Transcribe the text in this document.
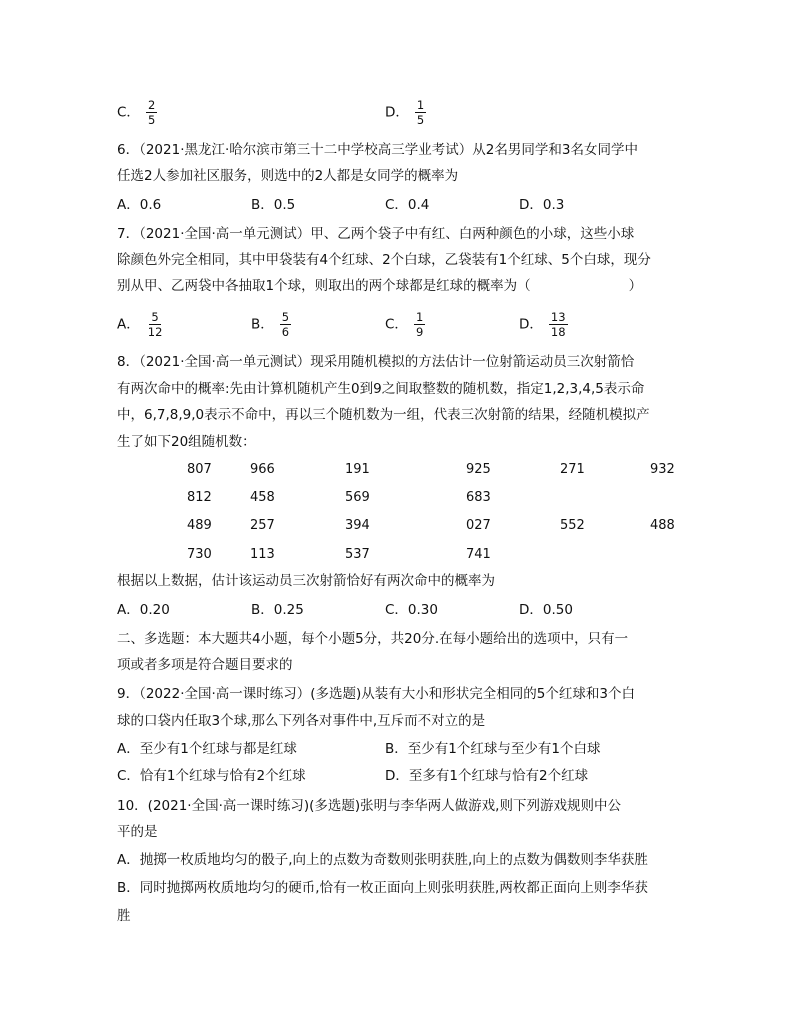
C． $\frac{2}{5}$	D． $\frac{1}{5}$
6．（2021·黑龙江·哈尔滨市第三十二中学校高三学业考试）从2名男同学和3名女同学中
任选2人参加社区服务，则选中的2人都是女同学的概率为
A．0.6	B．0.5	C．0.4	D．0.3
7．（2021·全国·高一单元测试）甲、乙两个袋子中有红、白两种颜色的小球，这些小球
除颜色外完全相同，其中甲袋装有4个红球、2个白球，乙袋装有1个红球、5个白球，现分
别从甲、乙两袋中各抽取1个球，则取出的两个球都是红球的概率为（	）
A． $\frac{5}{12}$	B． $\frac{5}{6}$	C． $\frac{1}{9}$	D． $\frac{13}{18}$
8．（2021·全国·高一单元测试）现采用随机模拟的方法估计一位射箭运动员三次射箭恰
有两次命中的概率:先由计算机随机产生0到9之间取整数的随机数，指定1,2,3,4,5表示命
中，6,7,8,9,0表示不命中，再以三个随机数为一组，代表三次射箭的结果，经随机模拟产
生了如下20组随机数：
807	966	191	925	271	932
812	458	569	683
489	257	394	027	552	488
730	113	537	741
根据以上数据，估计该运动员三次射箭恰好有两次命中的概率为
A．0.20	B．0.25	C．0.30	D．0.50
二、多选题：本大题共4小题，每个小题5分，共20分.在每小题给出的选项中，只有一
项或者多项是符合题目要求的
9．（2022·全国·高一课时练习）(多选题)从装有大小和形状完全相同的5个红球和3个白
球的口袋内任取3个球,那么下列各对事件中,互斥而不对立的是
A．至少有1个红球与都是红球	B．至少有1个红球与至少有1个白球
C．恰有1个红球与恰有2个红球	D．至多有1个红球与恰有2个红球
10．(2021·全国·高一课时练习)(多选题)张明与李华两人做游戏,则下列游戏规则中公
平的是
A．抛掷一枚质地均匀的骰子,向上的点数为奇数则张明获胜,向上的点数为偶数则李华获胜
B．同时抛掷两枚质地均匀的硬币,恰有一枚正面向上则张明获胜,两枚都正面向上则李华获
胜
